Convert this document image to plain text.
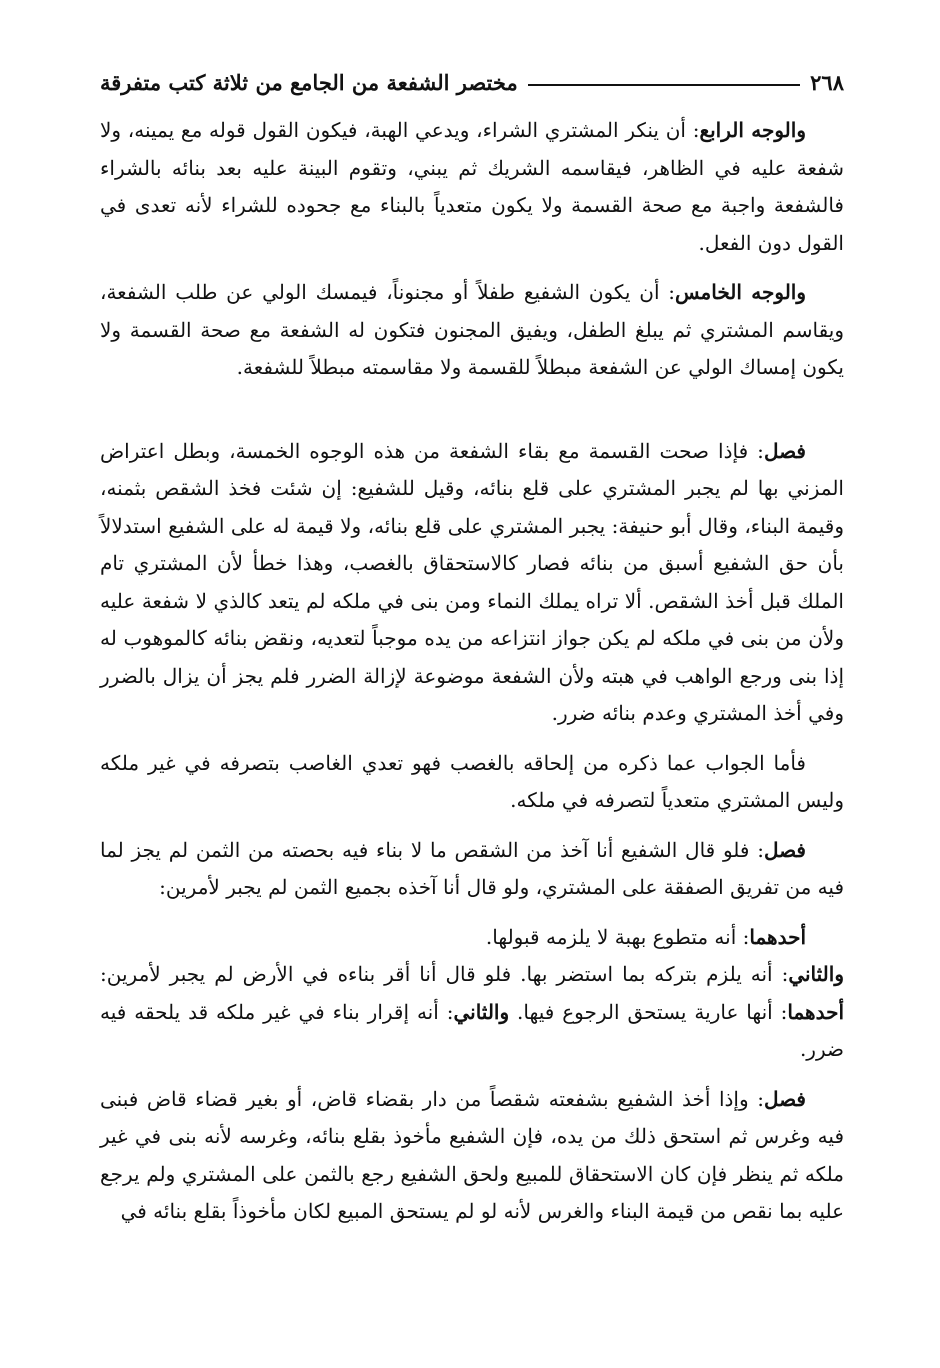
٢٦٨
مختصر الشفعة من الجامع من ثلاثة كتب متفرقة

والوجه الرابع: أن ينكر المشتري الشراء، ويدعي الهبة، فيكون القول قوله مع يمينه، ولا شفعة عليه في الظاهر، فيقاسمه الشريك ثم يبني، وتقوم البينة عليه بعد بنائه بالشراء فالشفعة واجبة مع صحة القسمة ولا يكون متعدياً بالبناء مع جحوده للشراء لأنه تعدى في القول دون الفعل.

والوجه الخامس: أن يكون الشفيع طفلاً أو مجنوناً، فيمسك الولي عن طلب الشفعة، ويقاسم المشتري ثم يبلغ الطفل، ويفيق المجنون فتكون له الشفعة مع صحة القسمة ولا يكون إمساك الولي عن الشفعة مبطلاً للقسمة ولا مقاسمته مبطلاً للشفعة.

فصل: فإذا صحت القسمة مع بقاء الشفعة من هذه الوجوه الخمسة، وبطل اعتراض المزني بها لم يجبر المشتري على قلع بنائه، وقيل للشفيع: إن شئت فخذ الشقص بثمنه، وقيمة البناء، وقال أبو حنيفة: يجبر المشتري على قلع بنائه، ولا قيمة له على الشفيع استدلالاً بأن حق الشفيع أسبق من بنائه فصار كالاستحقاق بالغصب، وهذا خطأ لأن المشتري تام الملك قبل أخذ الشقص. ألا تراه يملك النماء ومن بنى في ملكه لم يتعد كالذي لا شفعة عليه ولأن من بنى في ملكه لم يكن جواز انتزاعه من يده موجباً لتعديه، ونقض بنائه كالموهوب له إذا بنى ورجع الواهب في هبته ولأن الشفعة موضوعة لإزالة الضرر فلم يجز أن يزال بالضرر وفي أخذ المشتري وعدم بنائه ضرر.

فأما الجواب عما ذكره من إلحاقه بالغصب فهو تعدي الغاصب بتصرفه في غير ملكه وليس المشتري متعدياً لتصرفه في ملكه.

فصل: فلو قال الشفيع أنا آخذ من الشقص ما لا بناء فيه بحصته من الثمن لم يجز لما فيه من تفريق الصفقة على المشتري، ولو قال أنا آخذه بجميع الثمن لم يجبر لأمرين:

أحدهما: أنه متطوع بهبة لا يلزمه قبولها.

والثاني: أنه يلزم بتركه بما استضر بها. فلو قال أنا أقر بناءه في الأرض لم يجبر لأمرين: أحدهما: أنها عارية يستحق الرجوع فيها. والثاني: أنه إقرار بناء في غير ملكه قد يلحقه فيه ضرر.

فصل: وإذا أخذ الشفيع بشفعته شقصاً من دار بقضاء قاض، أو بغير قضاء قاض فبنى فيه وغرس ثم استحق ذلك من يده، فإن الشفيع مأخوذ بقلع بنائه، وغرسه لأنه بنى في غير ملكه ثم ينظر فإن كان الاستحقاق للمبيع ولحق الشفيع رجع بالثمن على المشتري ولم يرجع عليه بما نقص من قيمة البناء والغرس لأنه لو لم يستحق المبيع لكان مأخوذاً بقلع بنائه في
